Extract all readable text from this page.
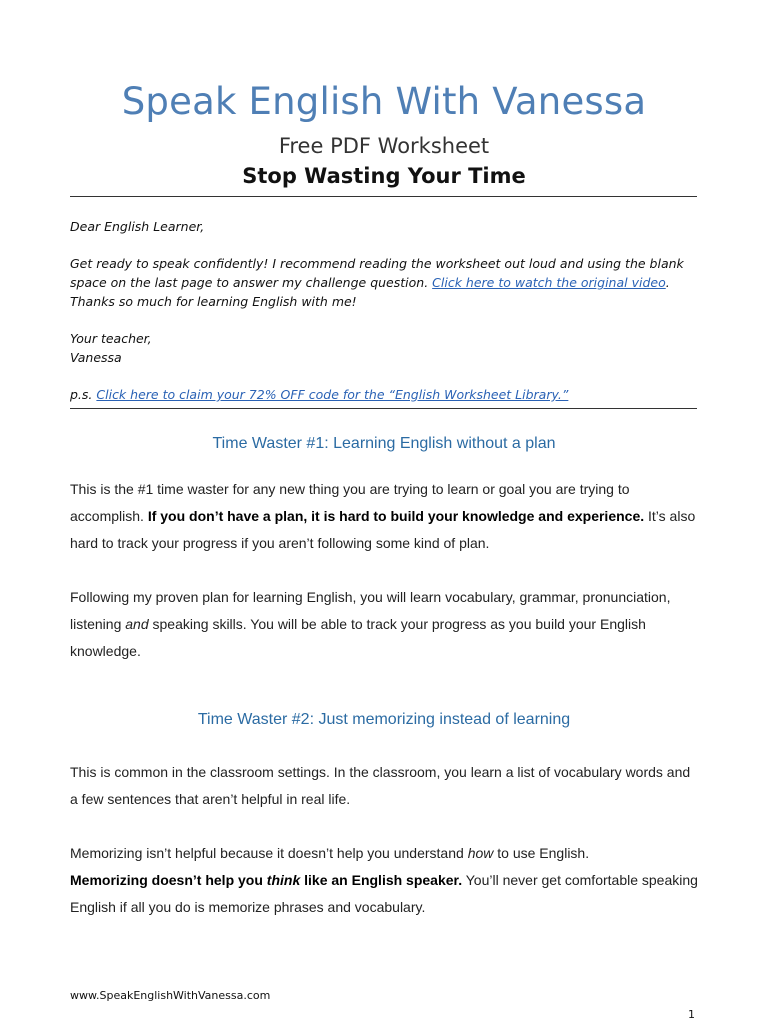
Speak English With Vanessa
Free PDF Worksheet
Stop Wasting Your Time

Dear English Learner,

Get ready to speak confidently! I recommend reading the worksheet out loud and using the blank space on the last page to answer my challenge question. Click here to watch the original video. Thanks so much for learning English with me!

Your teacher,

Vanessa

p.s. Click here to claim your 72% OFF code for the “English Worksheet Library.”

Time Waster #1: Learning English without a plan

This is the #1 time waster for any new thing you are trying to learn or goal you are trying to accomplish. If you don’t have a plan, it is hard to build your knowledge and experience. It’s also hard to track your progress if you aren’t following some kind of plan.

Following my proven plan for learning English, you will learn vocabulary, grammar, pronunciation, listening and speaking skills. You will be able to track your progress as you build your English knowledge.

Time Waster #2: Just memorizing instead of learning

This is common in the classroom settings. In the classroom, you learn a list of vocabulary words and a few sentences that aren’t helpful in real life.

Memorizing isn’t helpful because it doesn’t help you understand how to use English.
Memorizing doesn’t help you think like an English speaker. You’ll never get comfortable speaking English if all you do is memorize phrases and vocabulary.

www.SpeakEnglishWithVanessa.com
1
